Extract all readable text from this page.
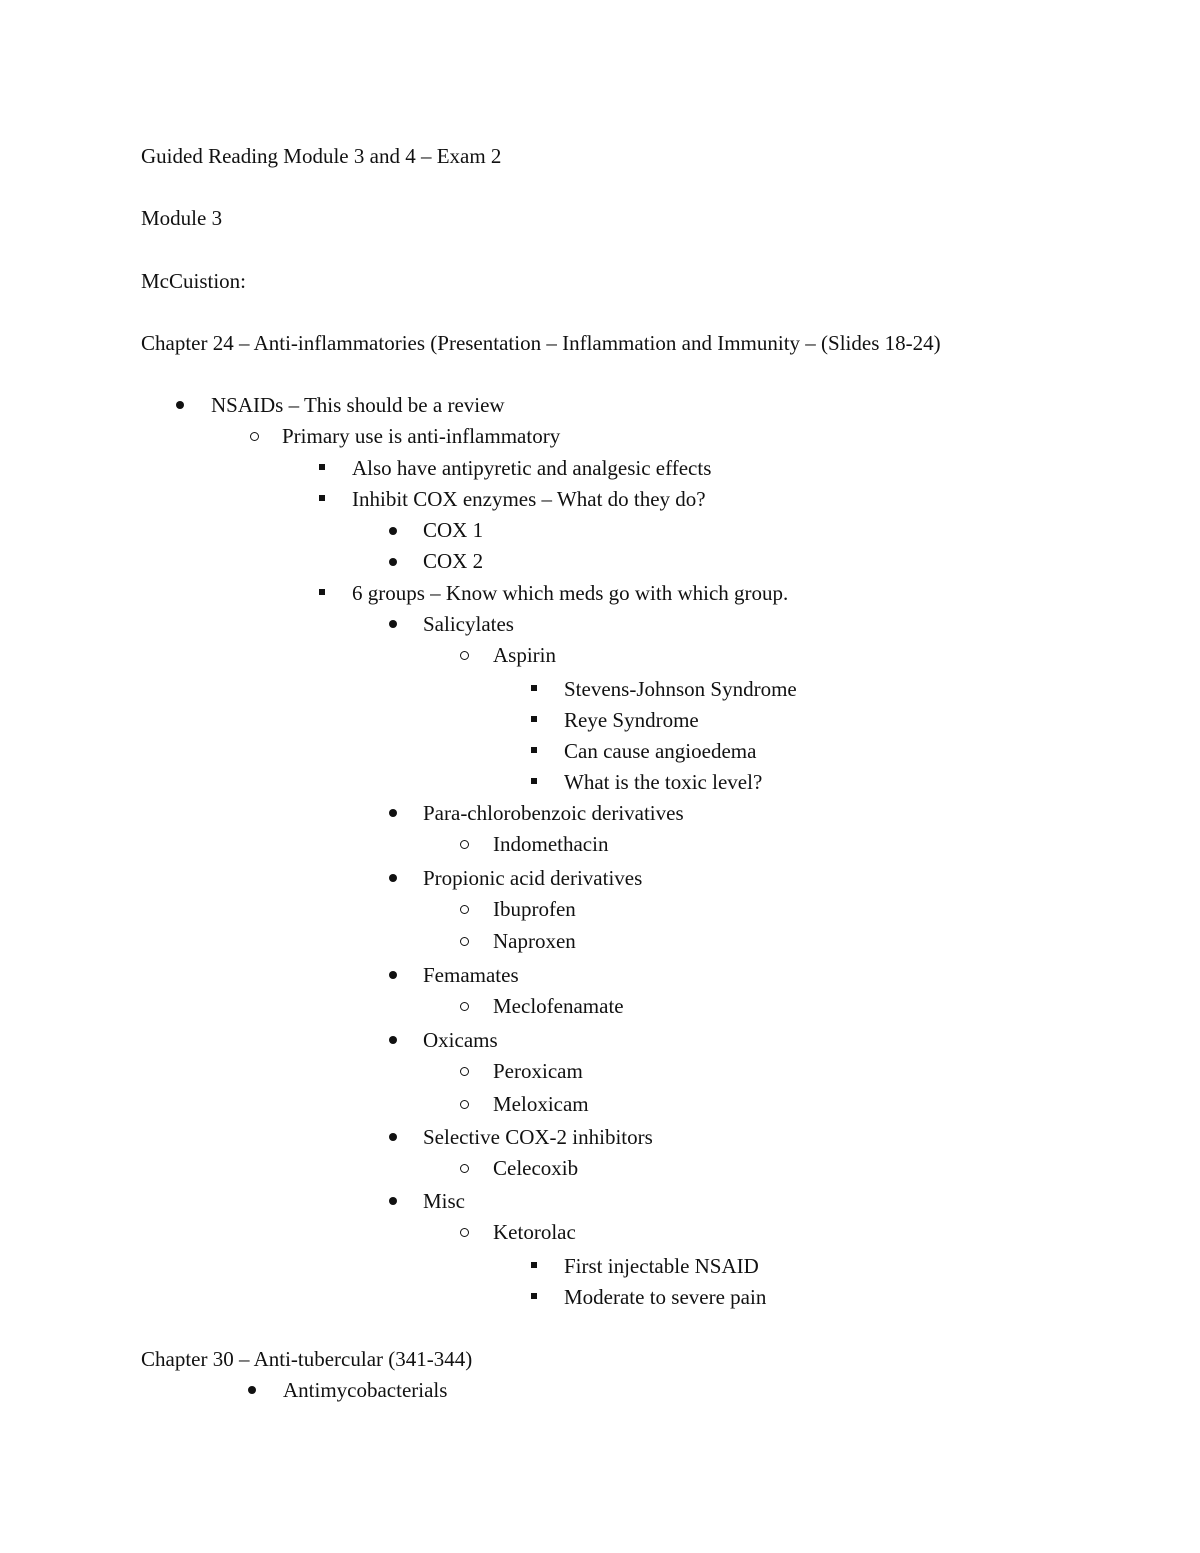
Guided Reading Module 3 and 4 – Exam 2
Module 3
McCuistion:
Chapter 24 – Anti-inflammatories (Presentation – Inflammation and Immunity – (Slides 18-24)
NSAIDs – This should be a review
Primary use is anti-inflammatory
Also have antipyretic and analgesic effects
Inhibit COX enzymes – What do they do?
COX 1
COX 2
6 groups – Know which meds go with which group.
Salicylates
Aspirin
Stevens-Johnson Syndrome
Reye Syndrome
Can cause angioedema
What is the toxic level?
Para-chlorobenzoic derivatives
Indomethacin
Propionic acid derivatives
Ibuprofen
Naproxen
Femamates
Meclofenamate
Oxicams
Peroxicam
Meloxicam
Selective COX-2 inhibitors
Celecoxib
Misc
Ketorolac
First injectable NSAID
Moderate to severe pain
Chapter 30 – Anti-tubercular (341-344)
Antimycobacterials
